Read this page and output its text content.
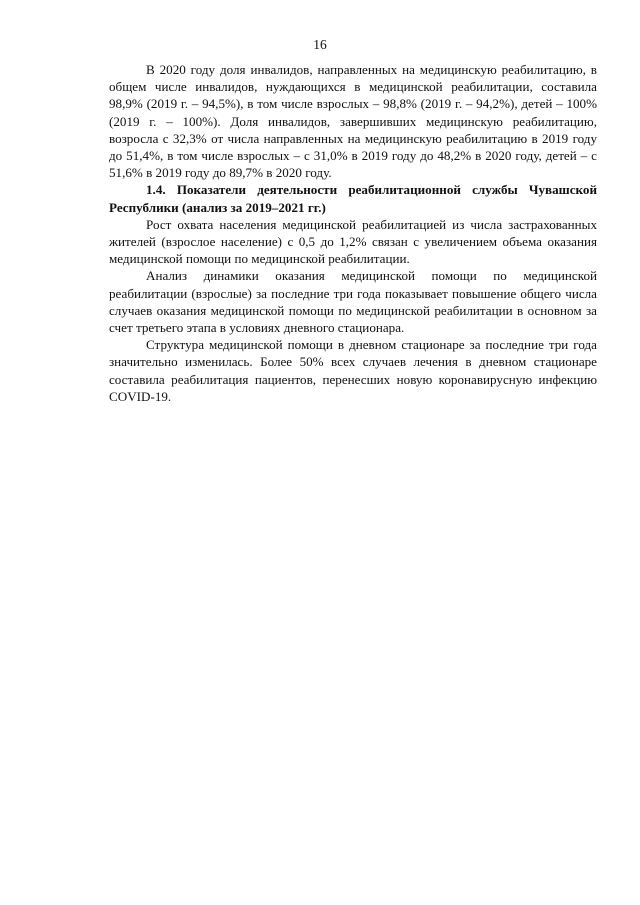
16

В 2020 году доля инвалидов, направленных на медицинскую реабилитацию, в общем числе инвалидов, нуждающихся в медицинской реабилитации, составила 98,9% (2019 г. – 94,5%), в том числе взрослых – 98,8% (2019 г. – 94,2%), детей – 100% (2019 г. – 100%). Доля инвалидов, завершивших медицинскую реабилитацию, возросла с 32,3% от числа направленных на медицинскую реабилитацию в 2019 году до 51,4%, в том числе взрослых – с 31,0% в 2019 году до 48,2% в 2020 году, детей – с 51,6% в 2019 году до 89,7% в 2020 году.

1.4. Показатели деятельности реабилитационной службы Чувашской Республики (анализ за 2019–2021 гг.)

Рост охвата населения медицинской реабилитацией из числа застрахованных жителей (взрослое население) с 0,5 до 1,2% связан с увеличением объема оказания медицинской помощи по медицинской реабилитации.

Анализ динамики оказания медицинской помощи по медицинской реабилитации (взрослые) за последние три года показывает повышение общего числа случаев оказания медицинской помощи по медицинской реабилитации в основном за счет третьего этапа в условиях дневного стационара.

Структура медицинской помощи в дневном стационаре за последние три года значительно изменилась. Более 50% всех случаев лечения в дневном стационаре составила реабилитация пациентов, перенесших новую коронавирусную инфекцию COVID-19.
